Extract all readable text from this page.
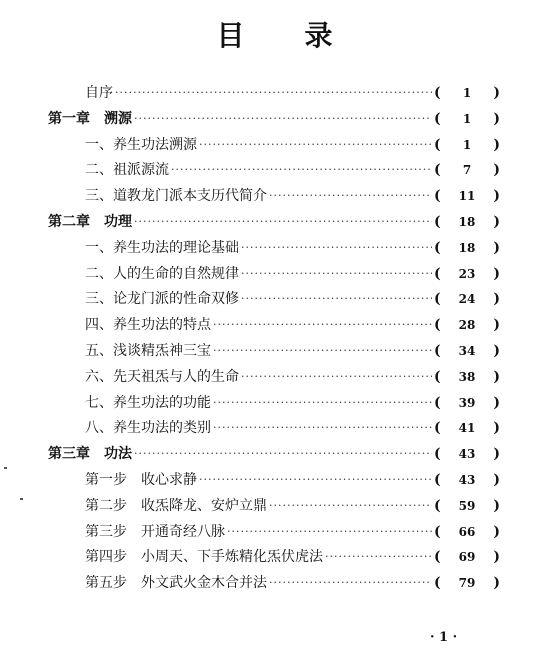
目 录
自序 ·····	(	1	)
第一章　溯源 ·····	(	1	)
一、养生功法溯源 ·····	(	1	)
二、祖派源流 ·····	(	7	)
三、道教龙门派本支历代简介 ·····	(	11	)
第二章　功理 ·····	(	18	)
一、养生功法的理论基础 ·····	(	18	)
二、人的生命的自然规律 ·····	(	23	)
三、论龙门派的性命双修 ·····	(	24	)
四、养生功法的特点 ·····	(	28	)
五、浅谈精炁神三宝 ·····	(	34	)
六、先天祖炁与人的生命 ·····	(	38	)
七、养生功法的功能 ·····	(	39	)
八、养生功法的类别 ·····	(	41	)
第三章　功法 ·····	(	43	)
第一步　收心求静 ·····	(	43	)
第二步　收炁降龙、安炉立鼎 ·····	(	59	)
第三步　开通奇经八脉 ·····	(	66	)
第四步　小周天、下手炼精化炁伏虎法 ·····	(	69	)
第五步　外文武火金木合并法 ·····	(	79	)
· 1 ·
